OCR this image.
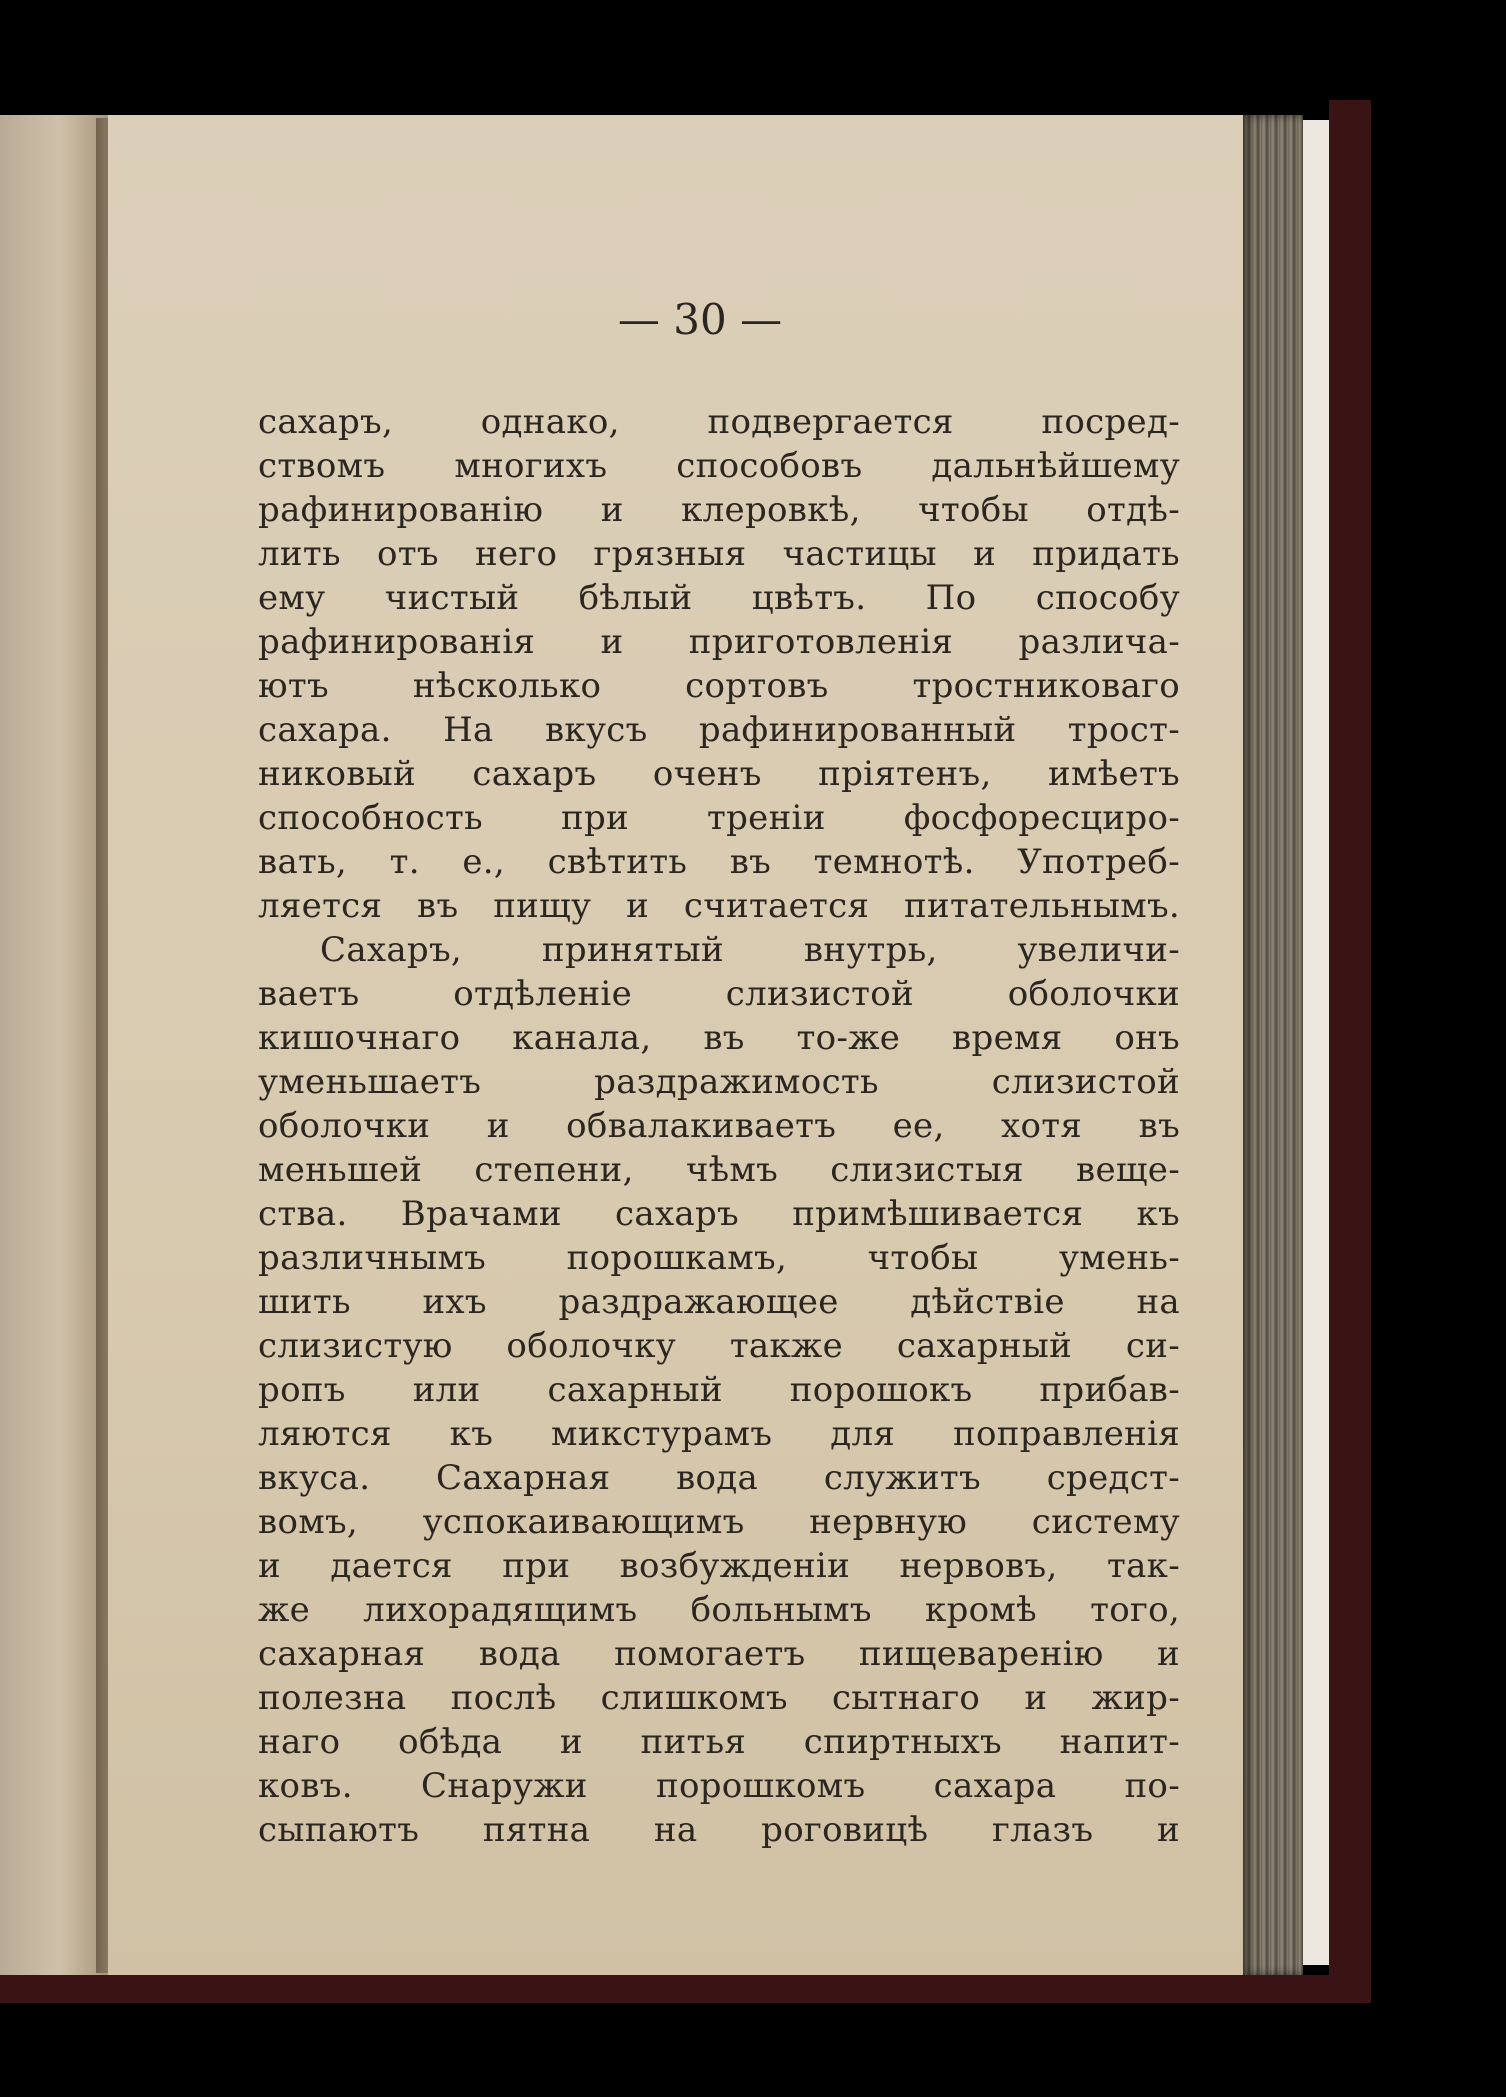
— 30 —
сахаръ, однако, подвергается посред-
ствомъ многихъ способовъ дальнѣйшему
рафинированію и клеровкѣ, чтобы отдѣ-
лить отъ него грязныя частицы и придать
ему чистый бѣлый цвѣтъ. По способу
рафинированія и приготовленія различа-
ютъ нѣсколько сортовъ тростниковаго
сахара. На вкусъ рафинированный трост-
никовый сахаръ оченъ пріятенъ, имѣетъ
способность при треніи фосфоресциро-
вать, т. е., свѣтить въ темнотѣ. Употреб-
ляется въ пищу и считается питательнымъ.
Сахаръ, принятый внутрь, увеличи-
ваетъ отдѣленіе слизистой оболочки
кишочнаго канала, въ то-же время онъ
уменьшаетъ раздражимость слизистой
оболочки и обвалакиваетъ ее, хотя въ
меньшей степени, чѣмъ слизистыя веще-
ства. Врачами сахаръ примѣшивается къ
различнымъ порошкамъ, чтобы умень-
шить ихъ раздражающее дѣйствіе на
слизистую оболочку также сахарный си-
ропъ или сахарный порошокъ прибав-
ляются къ микстурамъ для поправленія
вкуса. Сахарная вода служитъ средст-
вомъ, успокаивающимъ нервную систему
и дается при возбужденіи нервовъ, так-
же лихорадящимъ больнымъ кромѣ того,
сахарная вода помогаетъ пищеваренію и
полезна послѣ слишкомъ сытнаго и жир-
наго обѣда и питья спиртныхъ напит-
ковъ. Снаружи порошкомъ сахара по-
сыпаютъ пятна на роговицѣ глазъ и
